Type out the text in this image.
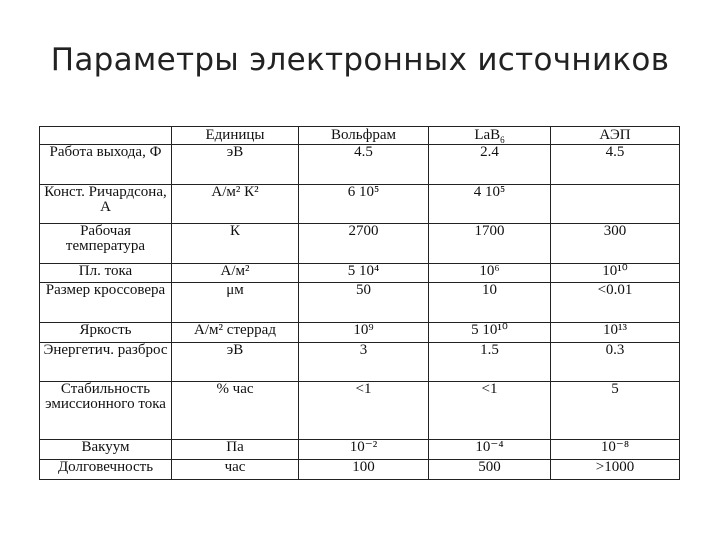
Параметры электронных источников
	Единицы	Вольфрам	LaB$_6$	АЭП
Работа выхода, Ф	эВ	4.5	2.4	4.5
Конст. Ричардсона, А	А/м² К²	6 10⁵	4 10⁵	
Рабочая температура	К	2700	1700	300
Пл. тока	А/м²	5 10⁴	10⁶	10¹⁰
Размер кроссовера	μм	50	10	<0.01
Яркость	А/м² стеррад	10⁹	5 10¹⁰	10¹³
Энергетич. разброс	эВ	3	1.5	0.3
Стабильность эмиссионного тока	% час	<1	<1	5
Вакуум	Па	10⁻²	10⁻⁴	10⁻⁸
Долговечность	час	100	500	>1000
